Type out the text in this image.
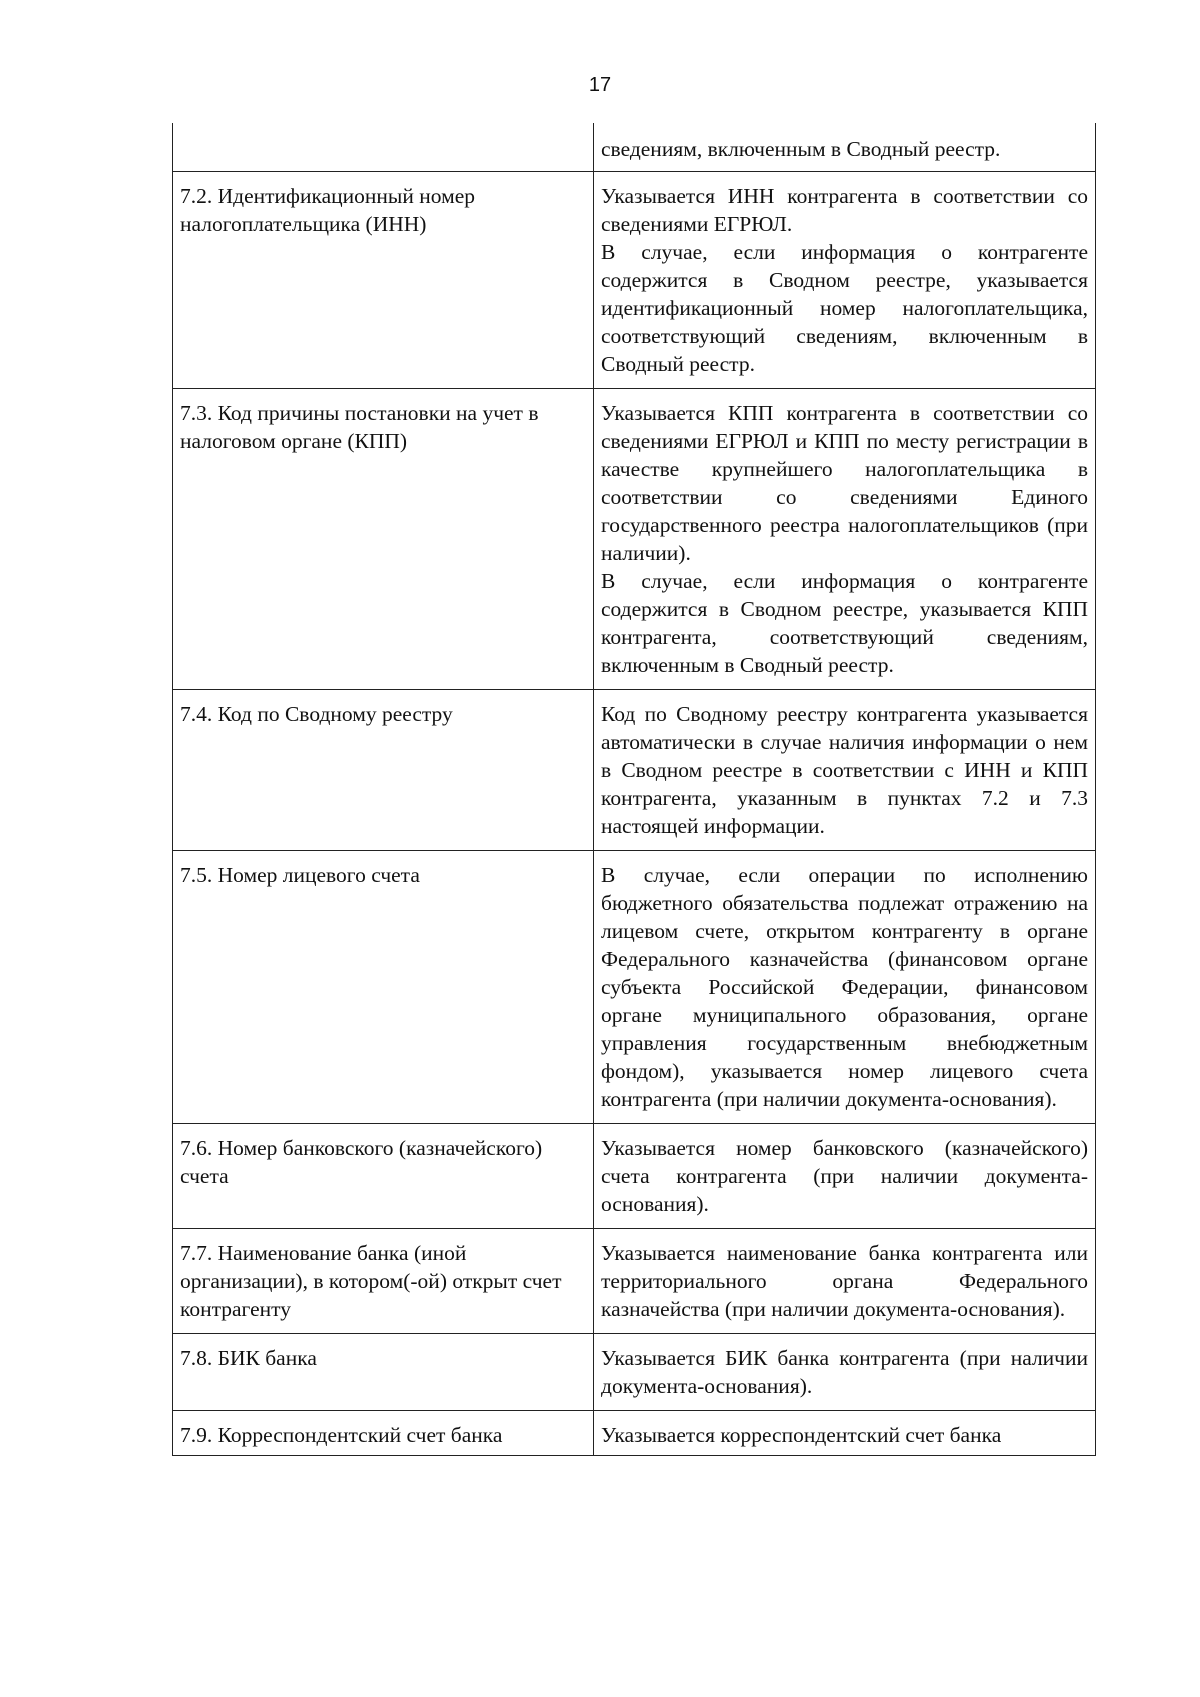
17

	сведениям, включенным в Сводный реестр.

7.2. Идентификационный номер налогоплательщика (ИНН)	Указывается ИНН контрагента в соответствии со сведениями ЕГРЮЛ.

В случае, если информация о контрагенте содержится в Сводном реестре, указывается идентификационный номер налогоплательщика, соответствующий сведениям, включенным в Сводный реестр.

7.3. Код причины постановки на учет в налоговом органе (КПП)	Указывается КПП контрагента в соответствии со сведениями ЕГРЮЛ и КПП по месту регистрации в качестве крупнейшего налогоплательщика в соответствии со сведениями Единого государственного реестра налогоплательщиков (при наличии).

В случае, если информация о контрагенте содержится в Сводном реестре, указывается КПП контрагента, соответствующий сведениям, включенным в Сводный реестр.

7.4. Код по Сводному реестру	Код по Сводному реестру контрагента указывается автоматически в случае наличия информации о нем в Сводном реестре в соответствии с ИНН и КПП контрагента, указанным в пунктах 7.2 и 7.3 настоящей информации.

7.5. Номер лицевого счета	В случае, если операции по исполнению бюджетного обязательства подлежат отражению на лицевом счете, открытом контрагенту в органе Федерального казначейства (финансовом органе субъекта Российской Федерации, финансовом органе муниципального образования, органе управления государственным внебюджетным фондом), указывается номер лицевого счета контрагента (при наличии документа-основания).

7.6. Номер банковского (казначейского) счета	Указывается номер банковского (казначейского) счета контрагента (при наличии документа-основания).

7.7. Наименование банка (иной организации), в котором(-ой) открыт счет контрагенту	Указывается наименование банка контрагента или территориального органа Федерального казначейства (при наличии документа-основания).

7.8. БИК банка	Указывается БИК банка контрагента (при наличии документа-основания).

7.9. Корреспондентский счет банка	Указывается корреспондентский счет банка
